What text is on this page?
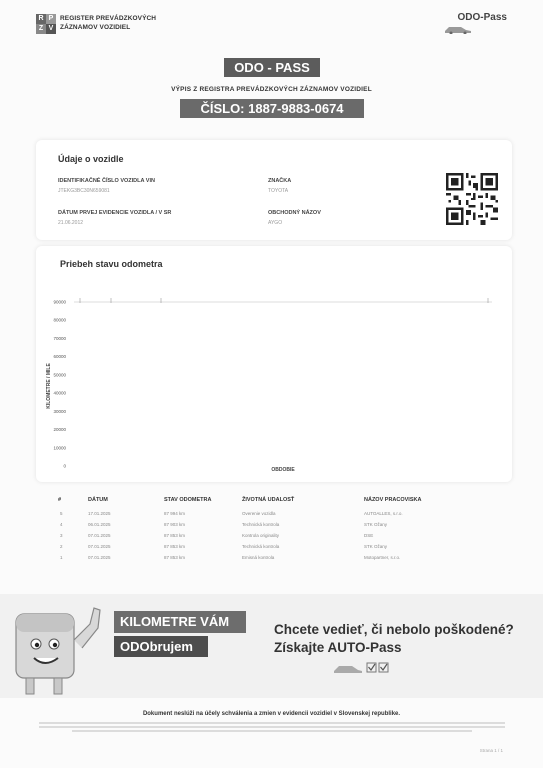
R P
Z V
REGISTER PREVÁDZKOVÝCH
ZÁZNAMOV VOZIDIEL
ODO-Pass
ODO - PASS
VÝPIS Z REGISTRA PREVÁDZKOVÝCH ZÁZNAMOV VOZIDIEL
ČÍSLO: 1887-9883-0674
Údaje o vozidle
IDENTIFIKAČNÉ ČÍSLO VOZIDLA VIN
JTEKG3BC30N659081
ZNAČKA
TOYOTA
DÁTUM PRVEJ EVIDENCIE VOZIDLA / V SR
21.06.2012
OBCHODNÝ NÁZOV
AYGO
Priebeh stavu odometra
90000
80000
70000
60000
50000
40000
30000
20000
10000
0
KILOMETRE / MILE
OBDOBIE
#	DÁTUM	STAV ODOMETRA	ŽIVOTNÁ UDALOSŤ	NÁZOV PRACOVISKA
5	17.01.2025	87 994 km	Overenie vozidla	AUTOALLES, s.r.o.
4	06.01.2025	87 903 km	Technická kontrola	STK Ožany
3	07.01.2025	87 853 km	Kontrola originality	DSE
2	07.01.2025	87 853 km	Technická kontrola	STK Ožany
1	07.01.2025	87 853 km	Emisná kontrola	Motopartner, s.r.o.
KILOMETRE VÁM
ODObrujem
Chcete vedieť, či nebolo poškodené?
Získajte AUTO-Pass
Dokument neslúži na účely schválenia a zmien v evidencii vozidiel v Slovenskej republike.
Strana 1 / 1
